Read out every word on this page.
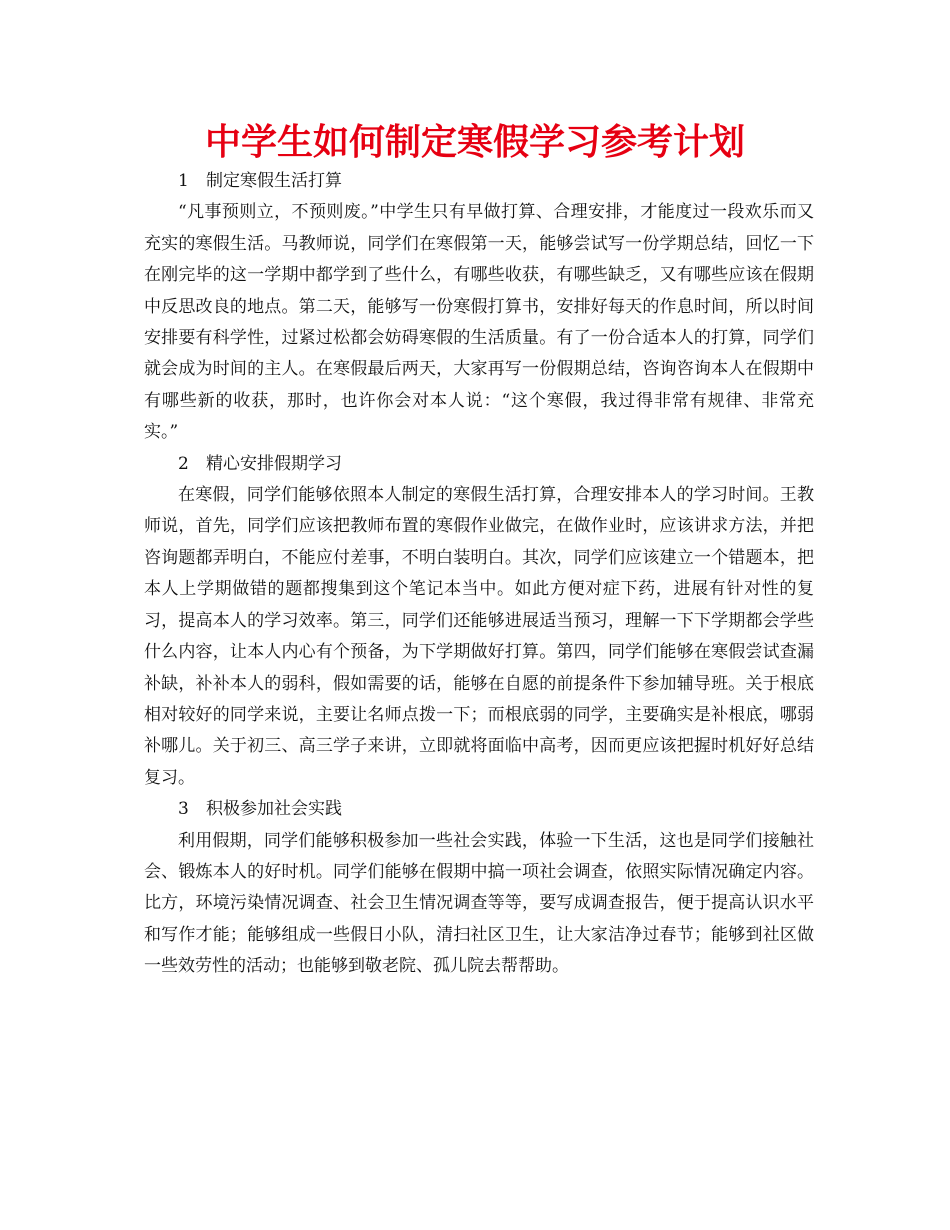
中学生如何制定寒假学习参考计划

1 制定寒假生活打算

“凡事预则立，不预则废。”中学生只有早做打算、合理安排，才能度过一段欢乐而又充实的寒假生活。马教师说，同学们在寒假第一天，能够尝试写一份学期总结，回忆一下在刚完毕的这一学期中都学到了些什么，有哪些收获，有哪些缺乏，又有哪些应该在假期中反思改良的地点。第二天，能够写一份寒假打算书，安排好每天的作息时间，所以时间安排要有科学性，过紧过松都会妨碍寒假的生活质量。有了一份合适本人的打算，同学们就会成为时间的主人。在寒假最后两天，大家再写一份假期总结，咨询咨询本人在假期中有哪些新的收获，那时，也许你会对本人说：“这个寒假，我过得非常有规律、非常充实。”

2 精心安排假期学习

在寒假，同学们能够依照本人制定的寒假生活打算，合理安排本人的学习时间。王教师说，首先，同学们应该把教师布置的寒假作业做完，在做作业时，应该讲求方法，并把咨询题都弄明白，不能应付差事，不明白装明白。其次，同学们应该建立一个错题本，把本人上学期做错的题都搜集到这个笔记本当中。如此方便对症下药，进展有针对性的复习，提高本人的学习效率。第三，同学们还能够进展适当预习，理解一下下学期都会学些什么内容，让本人内心有个预备，为下学期做好打算。第四，同学们能够在寒假尝试查漏补缺，补补本人的弱科，假如需要的话，能够在自愿的前提条件下参加辅导班。关于根底相对较好的同学来说，主要让名师点拨一下；而根底弱的同学，主要确实是补根底，哪弱补哪儿。关于初三、高三学子来讲，立即就将面临中高考，因而更应该把握时机好好总结复习。

3 积极参加社会实践

利用假期，同学们能够积极参加一些社会实践，体验一下生活，这也是同学们接触社会、锻炼本人的好时机。同学们能够在假期中搞一项社会调查，依照实际情况确定内容。比方，环境污染情况调查、社会卫生情况调查等等，要写成调查报告，便于提高认识水平和写作才能；能够组成一些假日小队，清扫社区卫生，让大家洁净过春节；能够到社区做一些效劳性的活动；也能够到敬老院、孤儿院去帮帮助。
